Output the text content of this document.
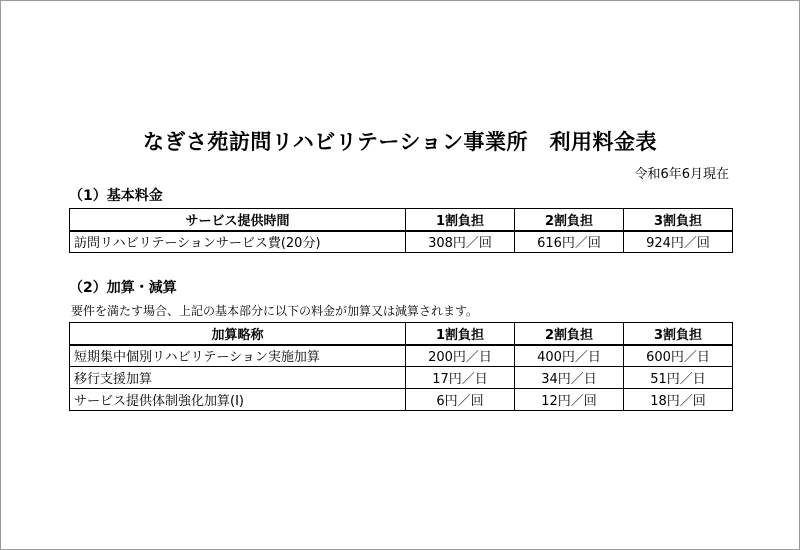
なぎさ苑訪問リハビリテーション事業所　利用料金表
令和6年6月現在
（1）基本料金
サービス提供時間	1割負担	2割負担	3割負担
訪問リハビリテーションサービス費(20分)	308円／回	616円／回	924円／回
（2）加算・減算
要件を満たす場合、上記の基本部分に以下の料金が加算又は減算されます。
加算略称	1割負担	2割負担	3割負担
短期集中個別リハビリテーション実施加算	200円／日	400円／日	600円／日
移行支援加算	17円／日	34円／日	51円／日
サービス提供体制強化加算(Ⅰ)	6円／回	12円／回	18円／回
